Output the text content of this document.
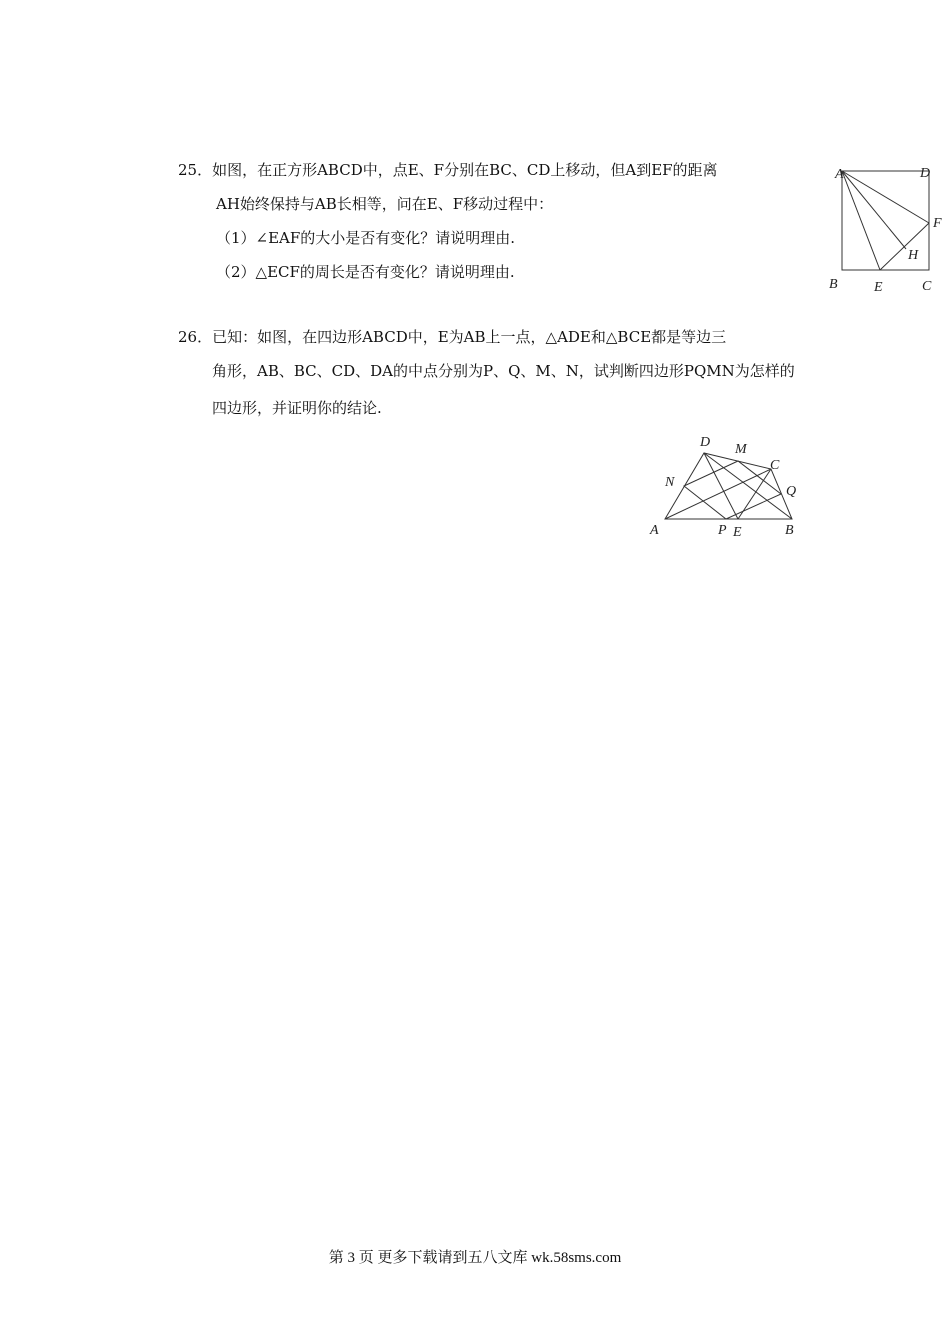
25．如图，在正方形ABCD中，点E、F分别在BC、CD上移动，但A到EF的距离
AH始终保持与AB长相等，问在E、F移动过程中：
（1）∠EAF的大小是否有变化？请说明理由.
（2）△ECF的周长是否有变化？请说明理由.
A	D
F
H
B	E	C
26．已知：如图，在四边形ABCD中，E为AB上一点，△ADE和△BCE都是等边三
角形，AB、BC、CD、DA的中点分别为P、Q、M、N，试判断四边形PQMN为怎样的
四边形，并证明你的结论.
D M
C
N
Q
A	P E	B
第 3 页 更多下载请到五八文库 wk.58sms.com
